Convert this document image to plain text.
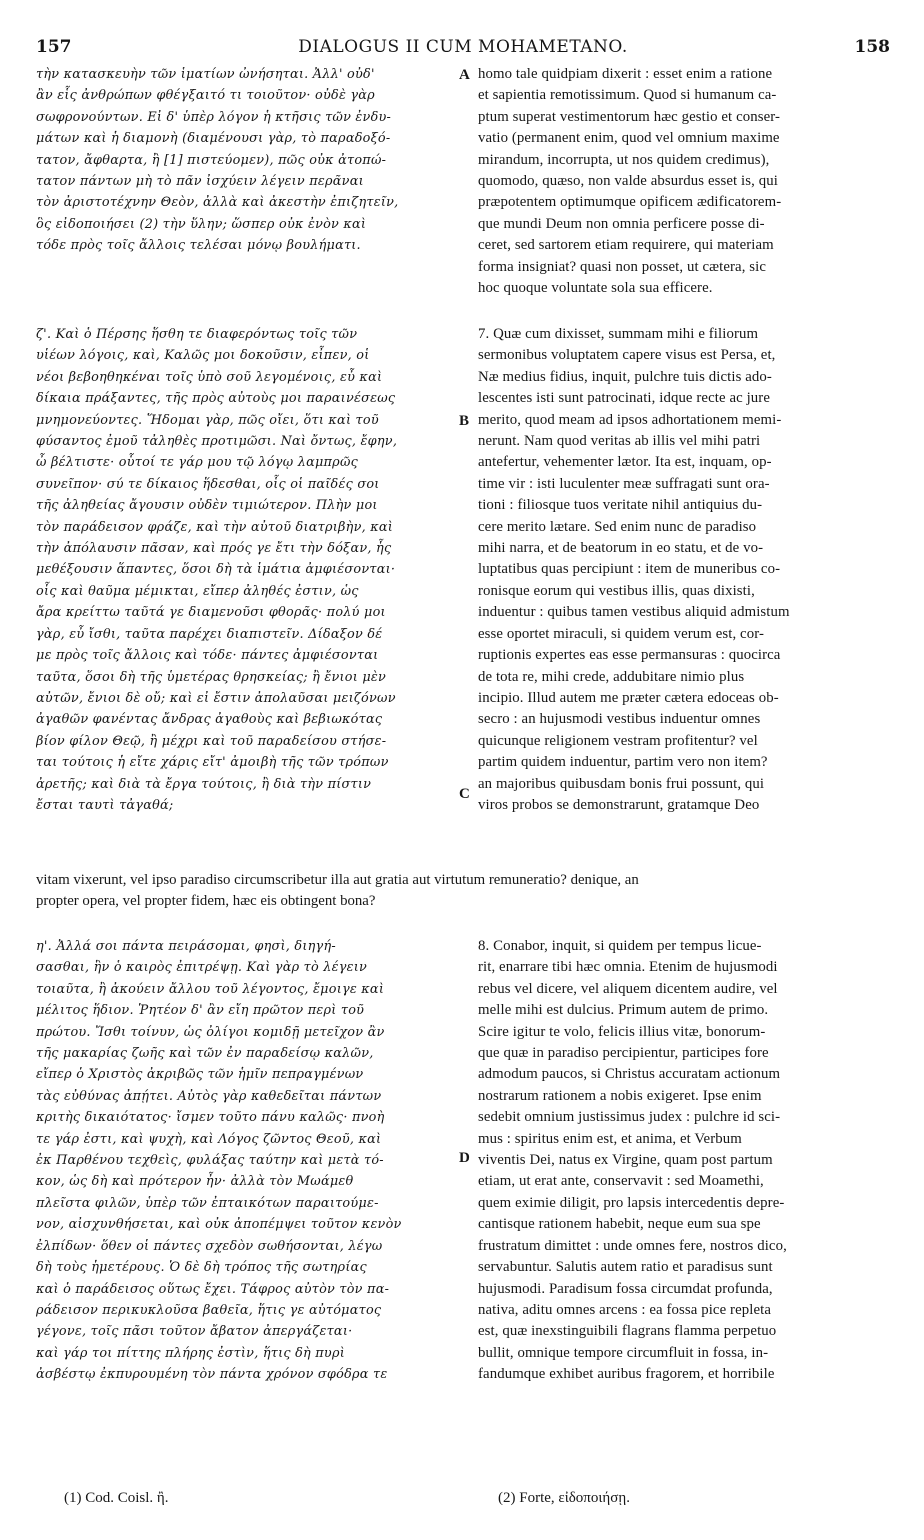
157	DIALOGUS II CUM MOHAMETANO.	158
A
B
C
D
τὴν κατασκευὴν τῶν ἱματίων ὠνήσηται. Ἀλλ' οὐδ'
ἂν εἷς ἀνθρώπων φθέγξαιτό τι τοιοῦτον· οὐδὲ γὰρ
σωφρονούντων. Εἰ δ' ὑπὲρ λόγον ἡ κτῆσις τῶν ἐνδυ-
μάτων καὶ ἡ διαμονὴ (διαμένουσι γὰρ, τὸ παραδοξό-
τατον, ἄφθαρτα, ἢ [1] πιστεύομεν), πῶς οὐκ ἀτοπώ-
τατον πάντων μὴ τὸ πᾶν ἰσχύειν λέγειν περᾶναι
τὸν ἀριστοτέχνην Θεὸν, ἀλλὰ καὶ ἀκεστὴν ἐπιζητεῖν,
ὃς εἰδοποιήσει (2) τὴν ὕλην; ὥσπερ οὐκ ἐνὸν καὶ
τόδε πρὸς τοῖς ἄλλοις τελέσαι μόνῳ βουλήματι.
homo tale quidpiam dixerit : esset enim a ratione
et sapientia remotissimum. Quod si humanum ca-
ptum superat vestimentorum hæc gestio et conser-
vatio (permanent enim, quod vel omnium maxime
mirandum, incorrupta, ut nos quidem credimus),
quomodo, quæso, non valde absurdus esset is, qui
præpotentem optimumque opificem ædificatorem-
que mundi Deum non omnia perficere posse di-
ceret, sed sartorem etiam requirere, qui materiam
forma insigniat? quasi non posset, ut cætera, sic
hoc quoque voluntate sola sua efficere.
ζ'. Καὶ ὁ Πέρσης ἥσθη τε διαφερόντως τοῖς τῶν
υἱέων λόγοις, καὶ, Καλῶς μοι δοκοῦσιν, εἶπεν, οἱ
νέοι βεβοηθηκέναι τοῖς ὑπὸ σοῦ λεγομένοις, εὖ καὶ
δίκαια πράξαντες, τῆς πρὸς αὐτοὺς μοι παραινέσεως
μνημονεύοντες. Ἥδομαι γὰρ, πῶς οἴει, ὅτι καὶ τοῦ
φύσαντος ἐμοῦ τἀληθὲς προτιμῶσι. Ναὶ ὄντως, ἔφην,
ὦ βέλτιστε· οὗτοί τε γάρ μου τῷ λόγῳ λαμπρῶς
συνεῖπον· σύ τε δίκαιος ἥδεσθαι, οἷς οἱ παῖδές σοι
τῆς ἀληθείας ἄγουσιν οὐδὲν τιμιώτερον. Πλὴν μοι
τὸν παράδεισον φράζε, καὶ τὴν αὐτοῦ διατριβὴν, καὶ
τὴν ἀπόλαυσιν πᾶσαν, καὶ πρός γε ἔτι τὴν δόξαν, ἧς
μεθέξουσιν ἅπαντες, ὅσοι δὴ τὰ ἱμάτια ἀμφιέσονται·
οἷς καὶ θαῦμα μέμικται, εἴπερ ἀληθές ἐστιν, ὡς
ἄρα κρείττω ταῦτά γε διαμενοῦσι φθορᾶς· πολύ μοι
γὰρ, εὖ ἴσθι, ταῦτα παρέχει διαπιστεῖν. Δίδαξον δέ
με πρὸς τοῖς ἄλλοις καὶ τόδε· πάντες ἀμφιέσονται
ταῦτα, ὅσοι δὴ τῆς ὑμετέρας θρησκείας; ἢ ἔνιοι μὲν
αὐτῶν, ἔνιοι δὲ οὔ; καὶ εἰ ἔστιν ἀπολαῦσαι μειζόνων
ἀγαθῶν φανέντας ἄνδρας ἀγαθοὺς καὶ βεβιωκότας
βίον φίλον Θεῷ, ἢ μέχρι καὶ τοῦ παραδείσου στήσε-
ται τούτοις ἡ εἴτε χάρις εἴτ' ἀμοιβὴ τῆς τῶν τρόπων
ἀρετῆς; καὶ διὰ τὰ ἔργα τούτοις, ἢ διὰ τὴν πίστιν
ἔσται ταυτὶ τἀγαθά;
7. Quæ cum dixisset, summam mihi e filiorum
sermonibus voluptatem capere visus est Persa, et,
Næ medius fidius, inquit, pulchre tuis dictis ado-
lescentes isti sunt patrocinati, idque recte ac jure
merito, quod meam ad ipsos adhortationem memi-
nerunt. Nam quod veritas ab illis vel mihi patri
antefertur, vehementer lætor. Ita est, inquam, op-
time vir : isti luculenter meæ suffragati sunt ora-
tioni : filiosque tuos veritate nihil antiquius du-
cere merito lætare. Sed enim nunc de paradiso
mihi narra, et de beatorum in eo statu, et de vo-
luptatibus quas percipiunt : item de muneribus co-
ronisque eorum qui vestibus illis, quas dixisti,
induentur : quibus tamen vestibus aliquid admistum
esse oportet miraculi, si quidem verum est, cor-
ruptionis expertes eas esse permansuras : quocirca
de tota re, mihi crede, addubitare nimio plus
incipio. Illud autem me præter cætera edoceas ob-
secro : an hujusmodi vestibus induentur omnes
quicunque religionem vestram profitentur? vel
partim quidem induentur, partim vero non item?
an majoribus quibusdam bonis frui possunt, qui
viros probos se demonstrarunt, gratamque Deo
vitam vixerunt, vel ipso paradiso circumscribetur illa aut gratia aut virtutum remuneratio? denique, an
propter opera, vel propter fidem, hæc eis obtingent bona?
η'. Ἀλλά σοι πάντα πειράσομαι, φησὶ, διηγή-
σασθαι, ἣν ὁ καιρὸς ἐπιτρέψῃ. Καὶ γὰρ τὸ λέγειν
τοιαῦτα, ἢ ἀκούειν ἄλλου τοῦ λέγοντος, ἔμοιγε καὶ
μέλιτος ἥδιον. Ῥητέον δ' ἂν εἴη πρῶτον περὶ τοῦ
πρώτου. Ἴσθι τοίνυν, ὡς ὀλίγοι κομιδῇ μετεῖχον ἂν
τῆς μακαρίας ζωῆς καὶ τῶν ἐν παραδείσῳ καλῶν,
εἴπερ ὁ Χριστὸς ἀκριβῶς τῶν ἡμῖν πεπραγμένων
τὰς εὐθύνας ἀπῄτει. Αὐτὸς γὰρ καθεδεῖται πάντων
κριτὴς δικαιότατος· ἴσμεν τοῦτο πάνυ καλῶς· πνοὴ
τε γάρ ἐστι, καὶ ψυχὴ, καὶ Λόγος ζῶντος Θεοῦ, καὶ
ἐκ Παρθένου τεχθεὶς, φυλάξας ταύτην καὶ μετὰ τό-
κον, ὡς δὴ καὶ πρότερον ἦν· ἀλλὰ τὸν Μωάμεθ
πλεῖστα φιλῶν, ὑπὲρ τῶν ἐπταικότων παραιτούμε-
νον, αἰσχυνθήσεται, καὶ οὐκ ἀποπέμψει τοῦτον κενὸν
ἐλπίδων· ὅθεν οἱ πάντες σχεδὸν σωθήσονται, λέγω
δὴ τοὺς ἡμετέρους. Ὁ δὲ δὴ τρόπος τῆς σωτηρίας
καὶ ὁ παράδεισος οὕτως ἔχει. Τάφρος αὐτὸν τὸν πα-
ράδεισον περικυκλοῦσα βαθεῖα, ἥτις γε αὐτόματος
γέγονε, τοῖς πᾶσι τοῦτον ἄβατον ἀπεργάζεται·
καὶ γάρ τοι πίττης πλήρης ἐστὶν, ἥτις δὴ πυρὶ
ἀσβέστῳ ἐκπυρουμένη τὸν πάντα χρόνον σφόδρα τε
8. Conabor, inquit, si quidem per tempus licue-
rit, enarrare tibi hæc omnia. Etenim de hujusmodi
rebus vel dicere, vel aliquem dicentem audire, vel
melle mihi est dulcius. Primum autem de primo.
Scire igitur te volo, felicis illius vitæ, bonorum-
que quæ in paradiso percipientur, participes fore
admodum paucos, si Christus accuratam actionum
nostrarum rationem a nobis exigeret. Ipse enim
sedebit omnium justissimus judex : pulchre id sci-
mus : spiritus enim est, et anima, et Verbum
viventis Dei, natus ex Virgine, quam post partum
etiam, ut erat ante, conservavit : sed Moamethi,
quem eximie diligit, pro lapsis intercedentis depre-
cantisque rationem habebit, neque eum sua spe
frustratum dimittet : unde omnes fere, nostros dico,
servabuntur. Salutis autem ratio et paradisus sunt
hujusmodi. Paradisum fossa circumdat profunda,
nativa, aditu omnes arcens : ea fossa pice repleta
est, quæ inexstinguibili flagrans flamma perpetuo
bullit, omnique tempore circumfluit in fossa, in-
fandumque exhibet auribus fragorem, et horribile
(1) Cod. Coisl. ἢ.	(2) Forte, εἰδοποιήσῃ.
